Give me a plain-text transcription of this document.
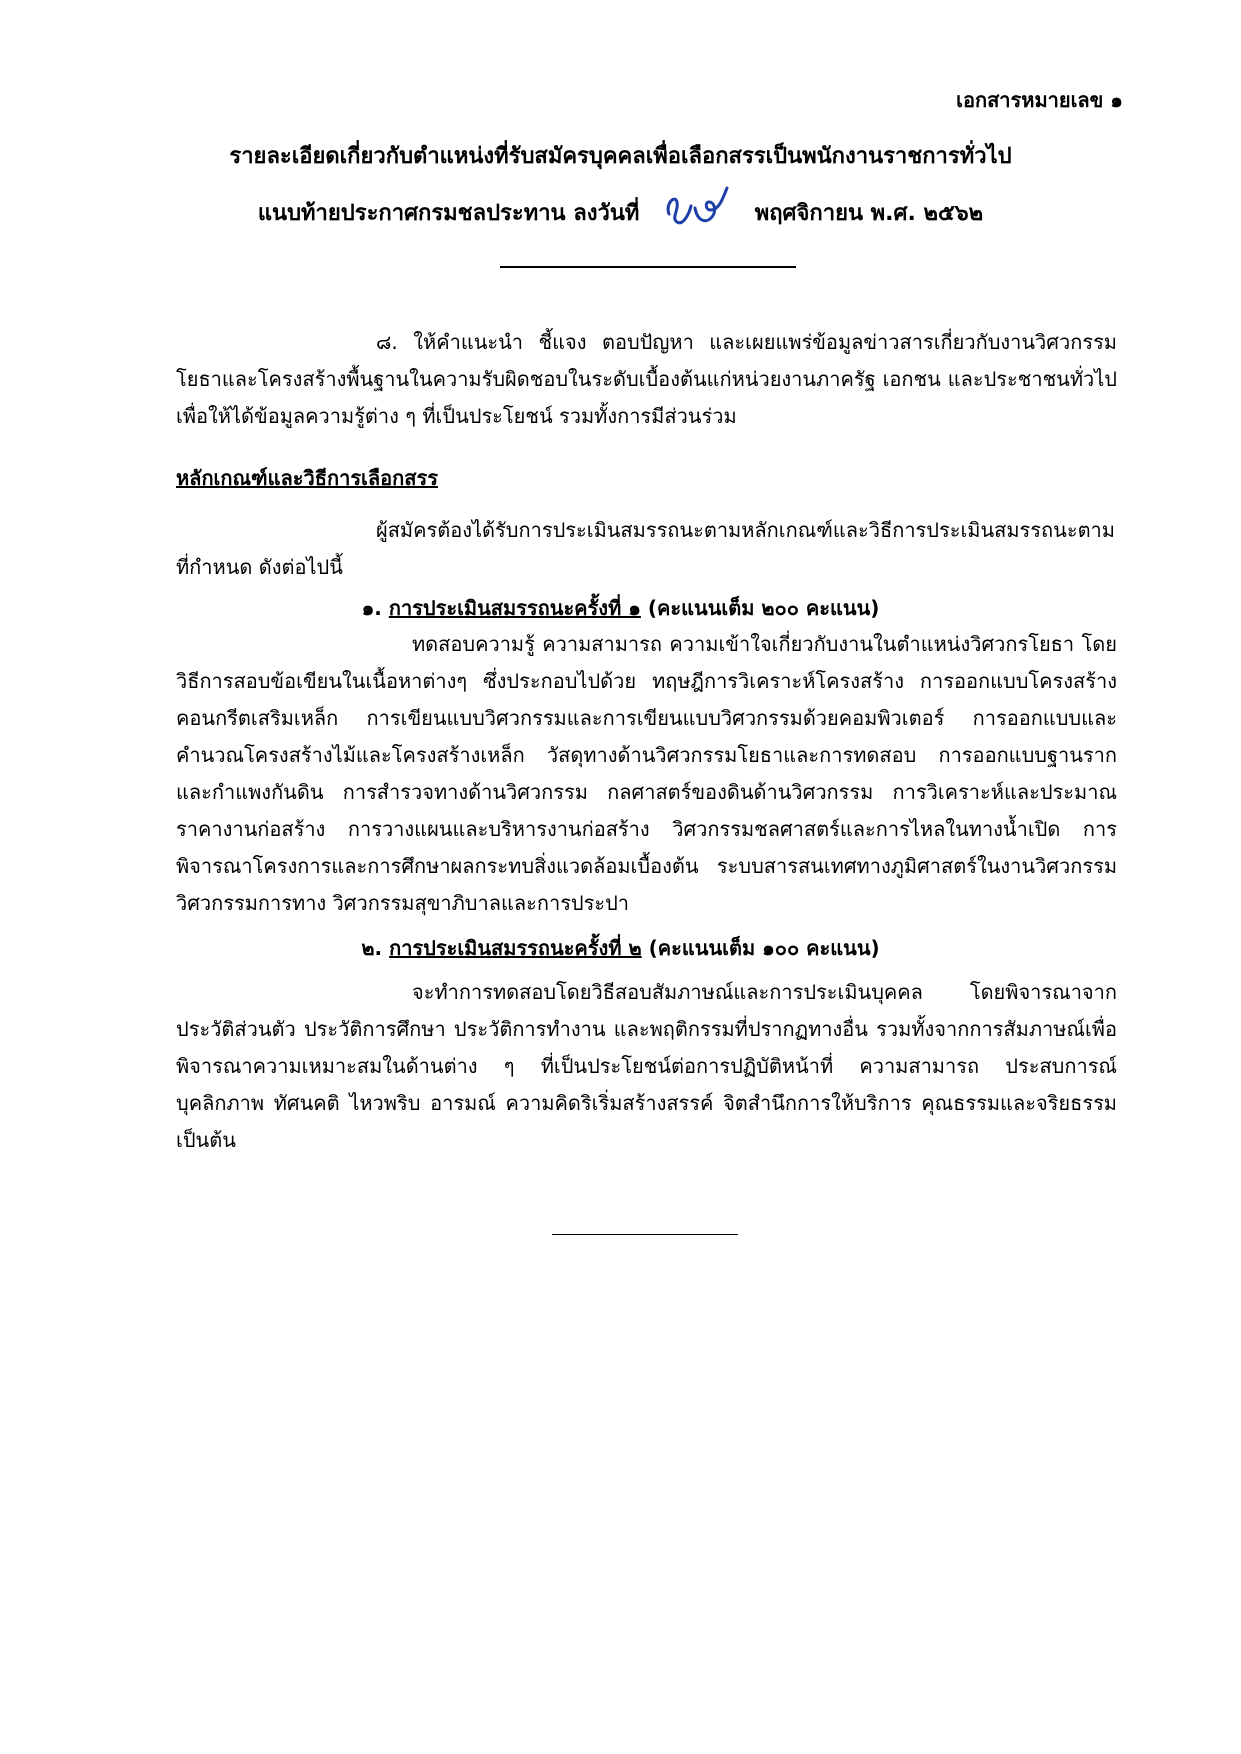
เอกสารหมายเลข ๑
รายละเอียดเกี่ยวกับตำแหน่งที่รับสมัครบุคคลเพื่อเลือกสรรเป็นพนักงานราชการทั่วไป
แนบท้ายประกาศกรมชลประทาน ลงวันที่	พฤศจิกายน พ.ศ. ๒๕๖๒
๘. ให้คำแนะนำ ชี้แจง ตอบปัญหา และเผยแพร่ข้อมูลข่าวสารเกี่ยวกับงานวิศวกรรมโยธาและโครงสร้างพื้นฐานในความรับผิดชอบในระดับเบื้องต้นแก่หน่วยงานภาครัฐ เอกชน และประชาชนทั่วไป เพื่อให้ได้ข้อมูลความรู้ต่าง ๆ ที่เป็นประโยชน์ รวมทั้งการมีส่วนร่วม
หลักเกณฑ์และวิธีการเลือกสรร
ผู้สมัครต้องได้รับการประเมินสมรรถนะตามหลักเกณฑ์และวิธีการประเมินสมรรถนะตามที่กำหนด ดังต่อไปนี้
๑. การประเมินสมรรถนะครั้งที่ ๑ (คะแนนเต็ม ๒๐๐ คะแนน)
ทดสอบความรู้ ความสามารถ ความเข้าใจเกี่ยวกับงานในตำแหน่งวิศวกรโยธา โดยวิธีการสอบข้อเขียนในเนื้อหาต่างๆ ซึ่งประกอบไปด้วย ทฤษฎีการวิเคราะห์โครงสร้าง การออกแบบโครงสร้างคอนกรีตเสริมเหล็ก การเขียนแบบวิศวกรรมและการเขียนแบบวิศวกรรมด้วยคอมพิวเตอร์ การออกแบบและคำนวณโครงสร้างไม้และโครงสร้างเหล็ก วัสดุทางด้านวิศวกรรมโยธาและการทดสอบ การออกแบบฐานรากและกำแพงกันดิน การสำรวจทางด้านวิศวกรรม กลศาสตร์ของดินด้านวิศวกรรม การวิเคราะห์และประมาณราคางานก่อสร้าง การวางแผนและบริหารงานก่อสร้าง วิศวกรรมชลศาสตร์และการไหลในทางน้ำเปิด การพิจารณาโครงการและการศึกษาผลกระทบสิ่งแวดล้อมเบื้องต้น ระบบสารสนเทศทางภูมิศาสตร์ในงานวิศวกรรม วิศวกรรมการทาง วิศวกรรมสุขาภิบาลและการประปา
๒. การประเมินสมรรถนะครั้งที่ ๒ (คะแนนเต็ม ๑๐๐ คะแนน)
จะทำการทดสอบโดยวิธีสอบสัมภาษณ์และการประเมินบุคคล โดยพิจารณาจากประวัติส่วนตัว ประวัติการศึกษา ประวัติการทำงาน และพฤติกรรมที่ปรากฏทางอื่น รวมทั้งจากการสัมภาษณ์เพื่อพิจารณาความเหมาะสมในด้านต่าง ๆ ที่เป็นประโยชน์ต่อการปฏิบัติหน้าที่ ความสามารถ ประสบการณ์ บุคลิกภาพ ทัศนคติ ไหวพริบ อารมณ์ ความคิดริเริ่มสร้างสรรค์ จิตสำนึกการให้บริการ คุณธรรมและจริยธรรม เป็นต้น
